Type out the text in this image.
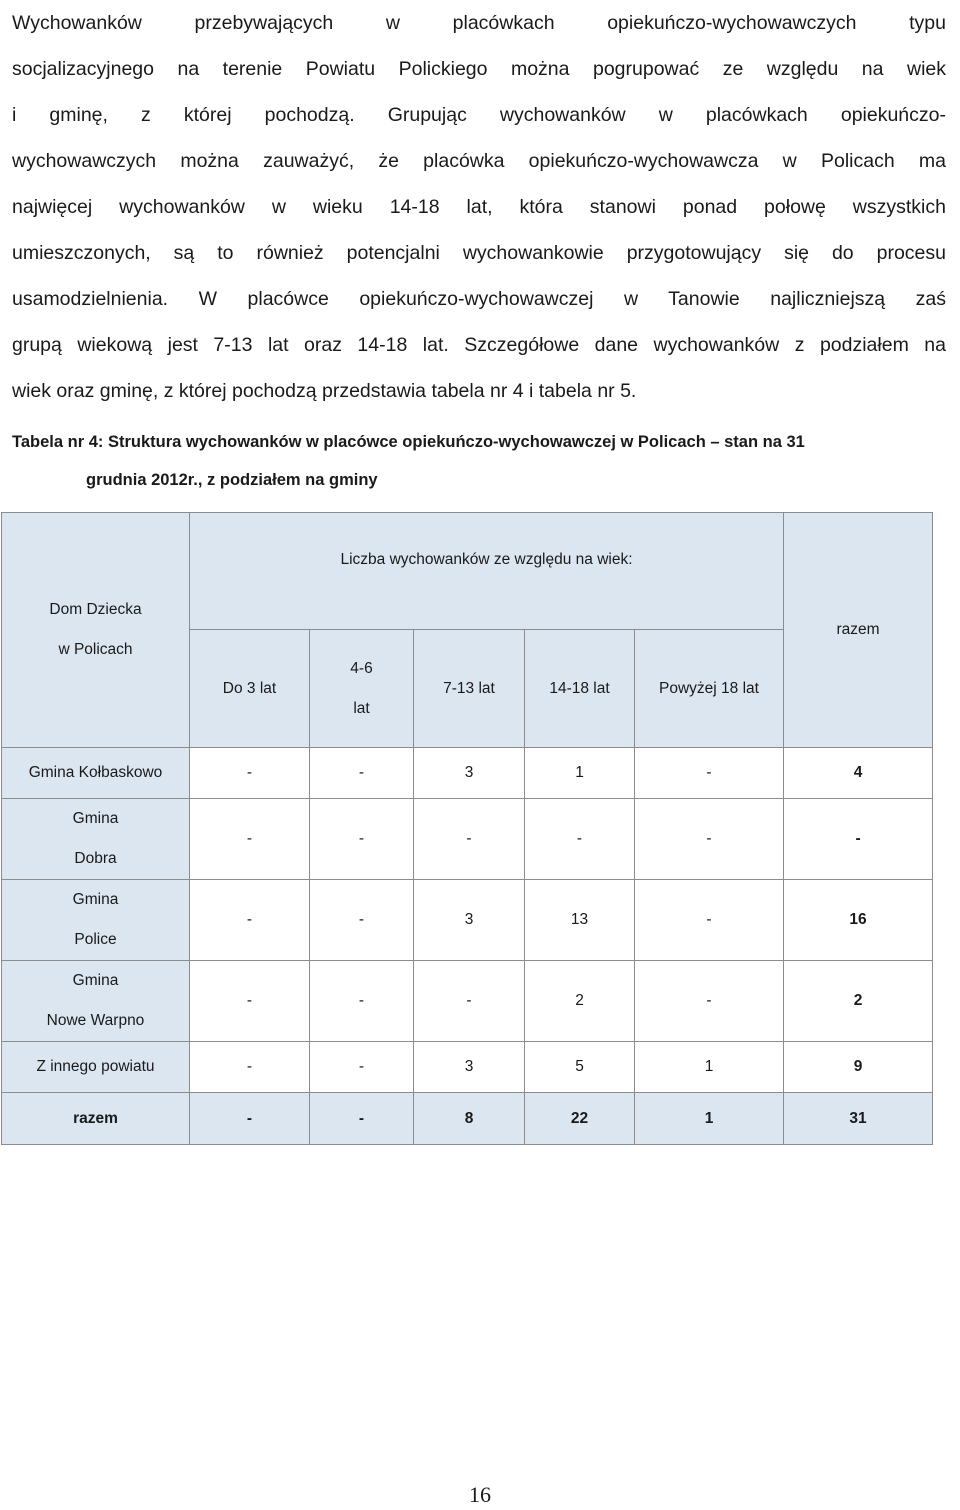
Wychowanków przebywających w placówkach opiekuńczo-wychowawczych typu
socjalizacyjnego na terenie Powiatu Polickiego można pogrupować ze względu na wiek
i gminę, z której pochodzą. Grupując wychowanków w placówkach opiekuńczo-
wychowawczych można zauważyć, że placówka opiekuńczo-wychowawcza w Policach ma
najwięcej wychowanków w wieku 14-18 lat, która stanowi ponad połowę wszystkich
umieszczonych, są to również potencjalni wychowankowie przygotowujący się do procesu
usamodzielnienia. W placówce opiekuńczo-wychowawczej w Tanowie najliczniejszą zaś
grupą wiekową jest 7-13 lat oraz 14-18 lat. Szczegółowe dane wychowanków z podziałem na
wiek oraz gminę, z której pochodzą przedstawia tabela nr 4 i tabela nr 5.
Tabela nr 4: Struktura wychowanków w placówce opiekuńczo-wychowawczej w Policach – stan na 31
grudnia 2012r., z podziałem na gminy
Dom Dziecka
w Policach	Liczba wychowanków ze względu na wiek:					razem
	Do 3 lat	4-6
lat	7-13 lat	14-18 lat	Powyżej 18 lat	
Gmina Kołbaskowo	-	-	3	1	-	4

Gmina
Dobra	-	-	-	-	-	-

Gmina
Police	-	-	3	13	-	16

Gmina
Nowe Warpno	-	-	-	2	-	2
Z innego powiatu	-	-	3	5	1	9
razem	-	-	8	22	1	31
16
